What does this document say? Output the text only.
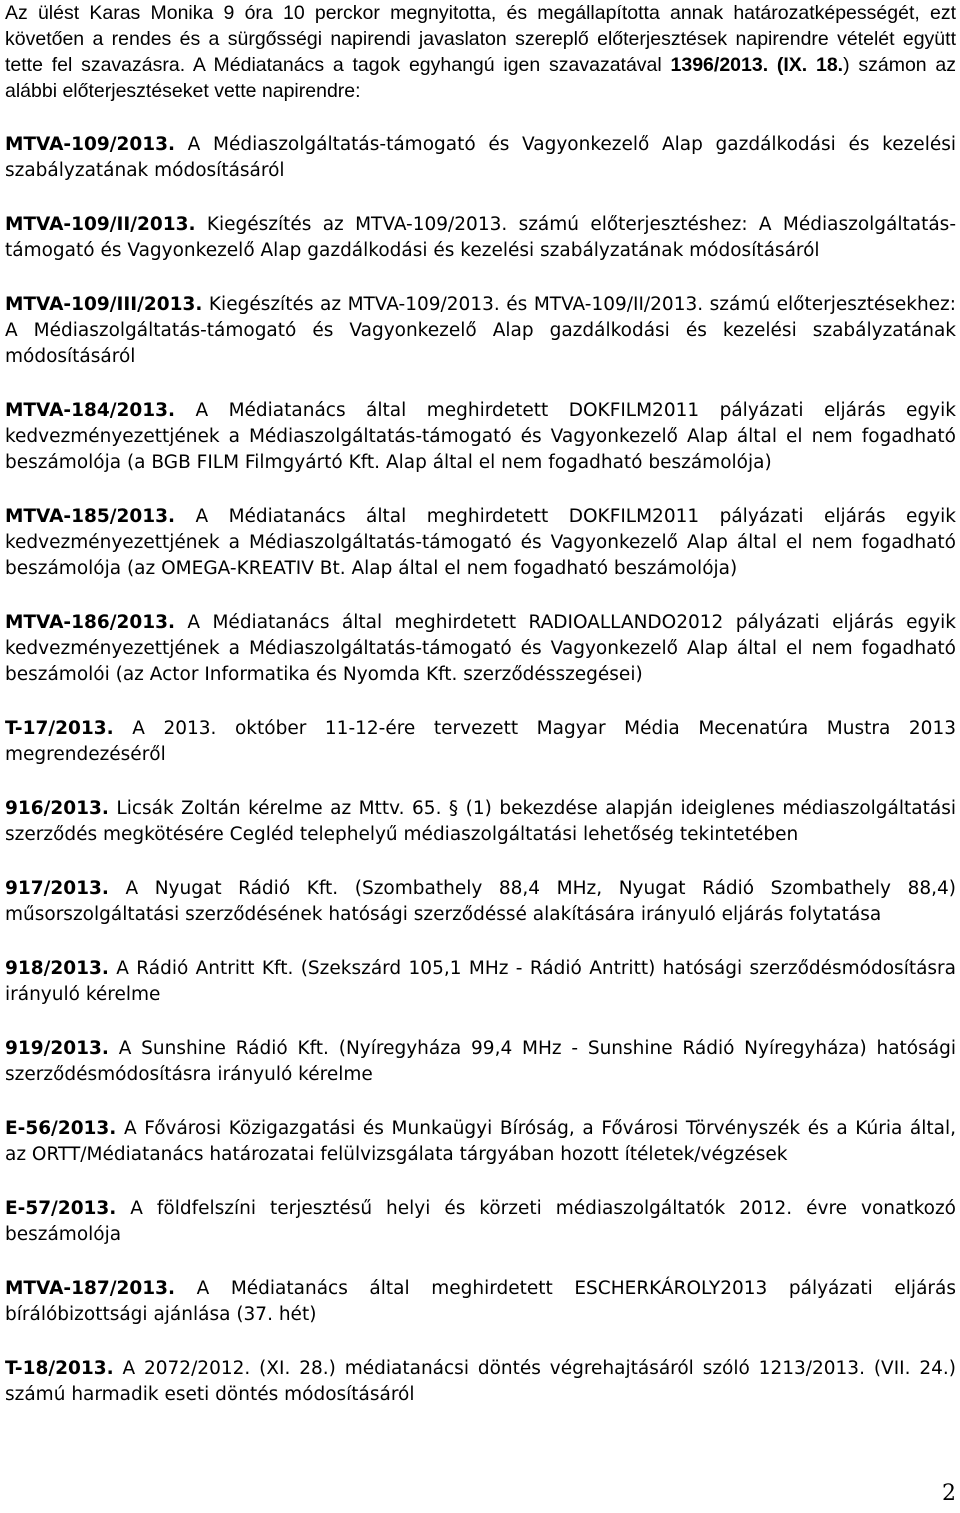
Az ülést Karas Monika 9 óra 10 perckor megnyitotta, és megállapította annak határozatképességét, ezt követően a rendes és a sürgősségi napirendi javaslaton szereplő előterjesztések napirendre vételét együtt tette fel szavazásra. A Médiatanács a tagok egyhangú igen szavazatával 1396/2013. (IX. 18.) számon az alábbi előterjesztéseket vette napirendre:

MTVA-109/2013. A Médiaszolgáltatás-támogató és Vagyonkezelő Alap gazdálkodási és kezelési szabályzatának módosításáról

MTVA-109/II/2013. Kiegészítés az MTVA-109/2013. számú előterjesztéshez: A Médiaszolgáltatás-támogató és Vagyonkezelő Alap gazdálkodási és kezelési szabályzatának módosításáról

MTVA-109/III/2013. Kiegészítés az MTVA-109/2013. és MTVA-109/II/2013. számú előterjesztésekhez: A Médiaszolgáltatás-támogató és Vagyonkezelő Alap gazdálkodási és kezelési szabályzatának módosításáról

MTVA-184/2013. A Médiatanács által meghirdetett DOKFILM2011 pályázati eljárás egyik kedvezményezettjének a Médiaszolgáltatás-támogató és Vagyonkezelő Alap által el nem fogadható beszámolója (a BGB FILM Filmgyártó Kft. Alap által el nem fogadható beszámolója)

MTVA-185/2013. A Médiatanács által meghirdetett DOKFILM2011 pályázati eljárás egyik kedvezményezettjének a Médiaszolgáltatás-támogató és Vagyonkezelő Alap által el nem fogadható beszámolója (az OMEGA-KREATIV Bt. Alap által el nem fogadható beszámolója)

MTVA-186/2013. A Médiatanács által meghirdetett RADIOALLANDO2012 pályázati eljárás egyik kedvezményezettjének a Médiaszolgáltatás-támogató és Vagyonkezelő Alap által el nem fogadható beszámolói (az Actor Informatika és Nyomda Kft. szerződésszegései)

T-17/2013. A 2013. október 11-12-ére tervezett Magyar Média Mecenatúra Mustra 2013 megrendezéséről

916/2013. Licsák Zoltán kérelme az Mttv. 65. § (1) bekezdése alapján ideiglenes médiaszolgáltatási szerződés megkötésére Cegléd telephelyű médiaszolgáltatási lehetőség tekintetében

917/2013. A Nyugat Rádió Kft. (Szombathely 88,4 MHz, Nyugat Rádió Szombathely 88,4) műsorszolgáltatási szerződésének hatósági szerződéssé alakítására irányuló eljárás folytatása

918/2013. A Rádió Antritt Kft. (Szekszárd 105,1 MHz - Rádió Antritt) hatósági szerződésmódosításra irányuló kérelme

919/2013. A Sunshine Rádió Kft. (Nyíregyháza 99,4 MHz - Sunshine Rádió Nyíregyháza) hatósági szerződésmódosításra irányuló kérelme

E-56/2013. A Fővárosi Közigazgatási és Munkaügyi Bíróság, a Fővárosi Törvényszék és a Kúria által, az ORTT/Médiatanács határozatai felülvizsgálata tárgyában hozott ítéletek/végzések

E-57/2013. A földfelszíni terjesztésű helyi és körzeti médiaszolgáltatók 2012. évre vonatkozó beszámolója

MTVA-187/2013. A Médiatanács által meghirdetett ESCHERKÁROLY2013 pályázati eljárás bírálóbizottsági ajánlása (37. hét)

T-18/2013. A 2072/2012. (XI. 28.) médiatanácsi döntés végrehajtásáról szóló 1213/2013. (VII. 24.) számú harmadik eseti döntés módosításáról

2
